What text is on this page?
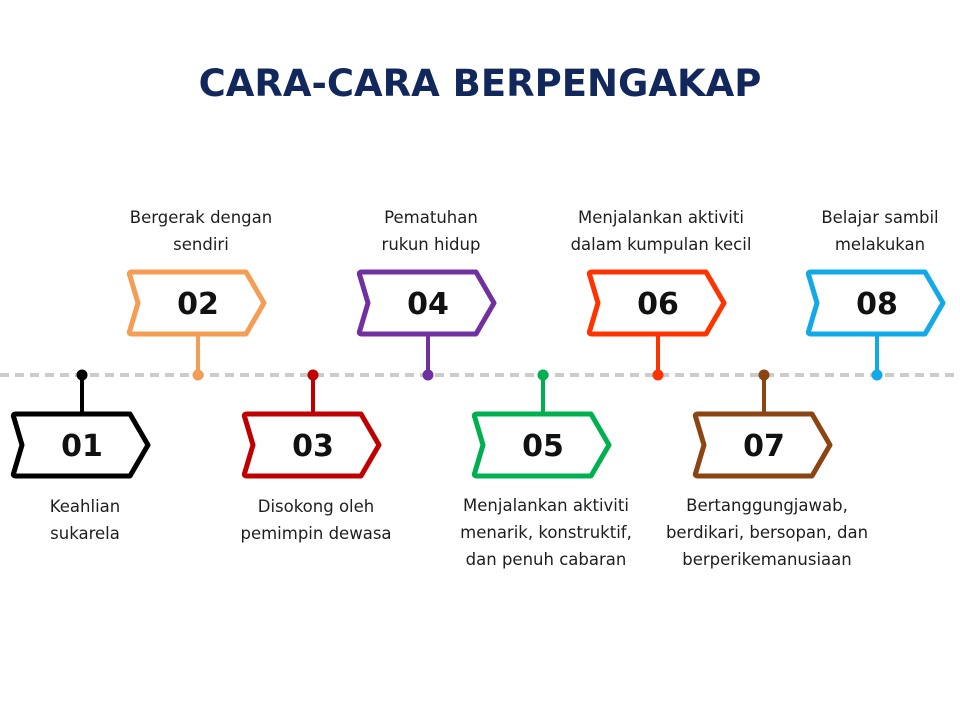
CARA-CARA BERPENGAKAP
01
02
03
04
05
06
07
08
Keahlian
sukarela
Bergerak dengan
sendiri
Disokong oleh
pemimpin dewasa
Pematuhan
rukun hidup
Menjalankan aktiviti
menarik, konstruktif,
dan penuh cabaran
Menjalankan aktiviti
dalam kumpulan kecil
Bertanggungjawab,
berdikari, bersopan, dan
berperikemanusiaan
Belajar sambil
melakukan
